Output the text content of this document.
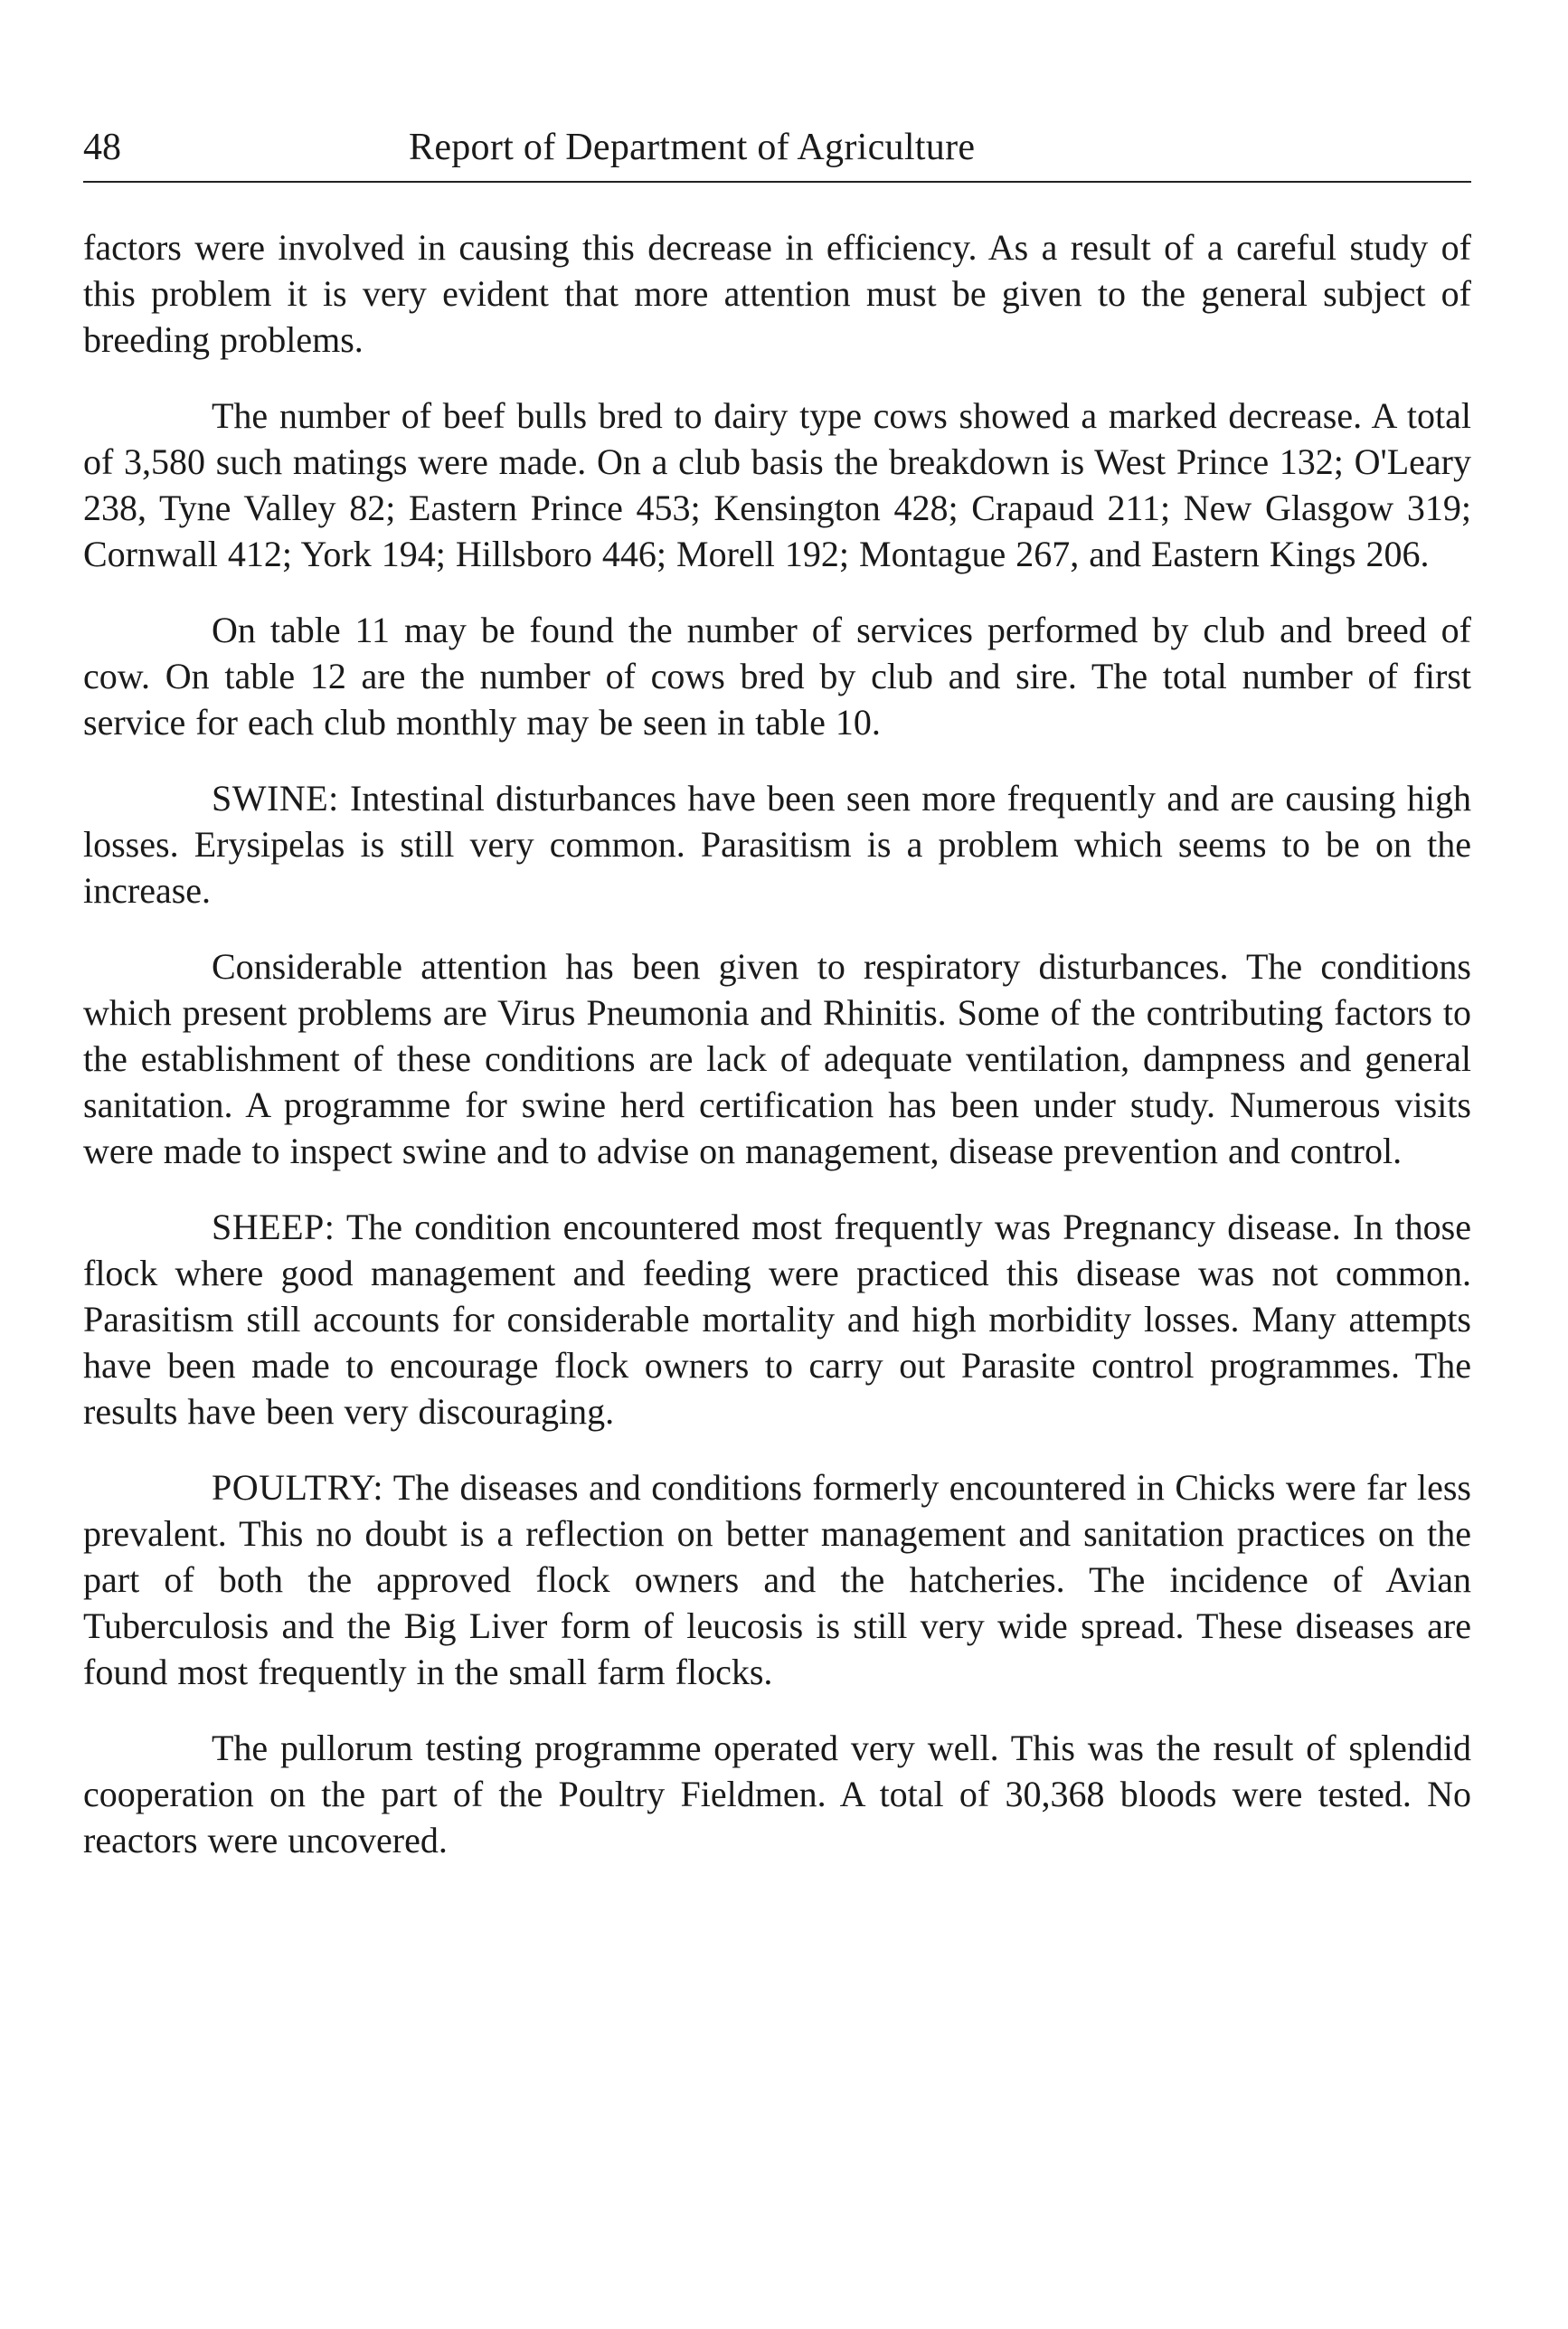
48	Report of Department of Agriculture

factors were involved in causing this decrease in efficiency. As a result of a careful study of this problem it is very evident that more attention must be given to the general subject of breeding problems.

The number of beef bulls bred to dairy type cows showed a marked decrease. A total of 3,580 such matings were made. On a club basis the breakdown is West Prince 132; O'Leary 238, Tyne Valley 82; Eastern Prince 453; Kensington 428; Crapaud 211; New Glasgow 319; Cornwall 412; York 194; Hillsboro 446; Morell 192; Montague 267, and Eastern Kings 206.

On table 11 may be found the number of services performed by club and breed of cow. On table 12 are the number of cows bred by club and sire. The total number of first service for each club monthly may be seen in table 10.

SWINE: Intestinal disturbances have been seen more frequently and are causing high losses. Erysipelas is still very common. Parasitism is a problem which seems to be on the increase.

Considerable attention has been given to respiratory disturbances. The conditions which present problems are Virus Pneumonia and Rhinitis. Some of the contributing factors to the establishment of these conditions are lack of adequate ventilation, dampness and general sanitation. A programme for swine herd certification has been under study. Numerous visits were made to inspect swine and to advise on management, disease prevention and control.

SHEEP: The condition encountered most frequently was Pregnancy disease. In those flock where good management and feeding were practiced this disease was not common. Parasitism still accounts for considerable mortality and high morbidity losses. Many attempts have been made to encourage flock owners to carry out Parasite control programmes. The results have been very discouraging.

POULTRY: The diseases and conditions formerly encountered in Chicks were far less prevalent. This no doubt is a reflection on better management and sanitation practices on the part of both the approved flock owners and the hatcheries. The incidence of Avian Tuberculosis and the Big Liver form of leucosis is still very wide spread. These diseases are found most frequently in the small farm flocks.

The pullorum testing programme operated very well. This was the result of splendid cooperation on the part of the Poultry Fieldmen. A total of 30,368 bloods were tested. No reactors were uncovered.
